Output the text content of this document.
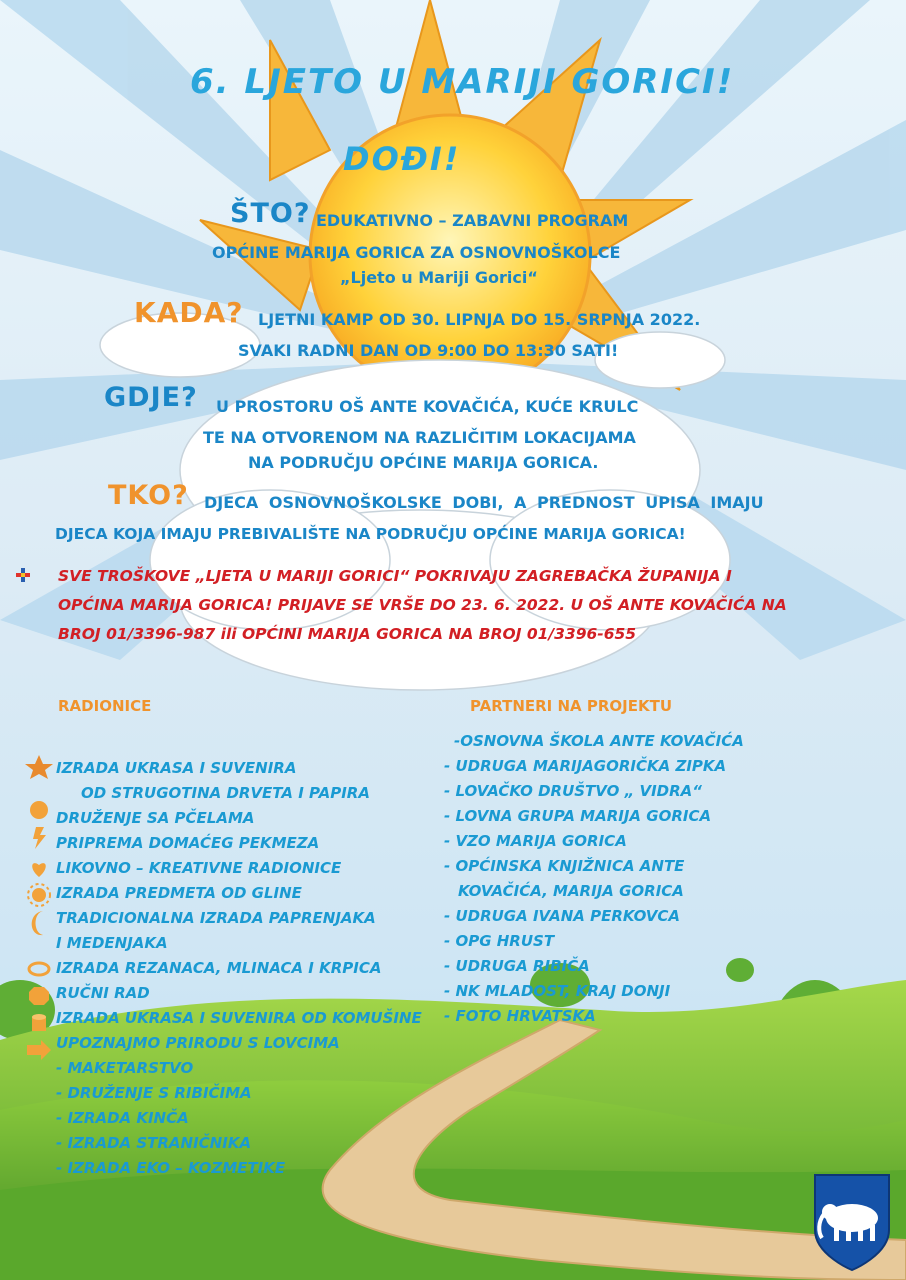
6. LJETO U MARIJI GORICI!
DOĐI!
ŠTO? EDUKATIVNO – ZABAVNI PROGRAM
OPĆINE MARIJA GORICA ZA OSNOVNOŠKOLCE
„Ljeto u Mariji Gorici“
KADA? LJETNI KAMP OD 30. LIPNJA DO 15. SRPNJA 2022.
SVAKI RADNI DAN OD 9:00 DO 13:30 SATI!
GDJE? U PROSTORU OŠ ANTE KOVAČIĆA, KUĆE KRULC
TE NA OTVORENOM NA RAZLIČITIM LOKACIJAMA
NA PODRUČJU OPĆINE MARIJA GORICA.
TKO? DJECA OSNOVNOŠKOLSKE DOBI, A PREDNOST UPISA IMAJU
DJECA KOJA IMAJU PREBIVALIŠTE NA PODRUČJU OPĆINE MARIJA GORICA!
SVE TROŠKOVE „LJETA U MARIJI GORICI“ POKRIVAJU ZAGREBAČKA ŽUPANIJA I
OPĆINA MARIJA GORICA! PRIJAVE SE VRŠE DO 23. 6. 2022. U OŠ ANTE KOVAČIĆA NA
BROJ 01/3396-987 ili OPĆINI MARIJA GORICA NA BROJ 01/3396-655
RADIONICE	PARTNERI NA PROJEKTU
IZRADA UKRASA I SUVENIRA
OD STRUGOTINA DRVETA I PAPIRA
DRUŽENJE SA PČELAMA
PRIPREMA DOMAĆEG PEKMEZA
LIKOVNO – KREATIVNE RADIONICE
IZRADA PREDMETA OD GLINE
TRADICIONALNA IZRADA PAPRENJAKA
I MEDENJAKA
IZRADA REZANACA, MLINACA I KRPICA
RUČNI RAD
IZRADA UKRASA I SUVENIRA OD KOMUŠINE
UPOZNAJMO PRIRODU S LOVCIMA
- MAKETARSTVO
- DRUŽENJE S RIBIČIMA
- IZRADA KINČA
- IZRADA STRANIČNIKA
- IZRADA EKO – KOZMETIKE
-OSNOVNA ŠKOLA ANTE KOVAČIĆA
- UDRUGA MARIJAGORIČKA ZIPKA
- LOVAČKO DRUŠTVO „ VIDRA“
- LOVNA GRUPA MARIJA GORICA
- VZO MARIJA GORICA
- OPĆINSKA KNJIŽNICA ANTE
KOVAČIĆA, MARIJA GORICA
- UDRUGA IVANA PERKOVCA
- OPG HRUST
- UDRUGA RIBIČA
- NK MLADOST, KRAJ DONJI
- FOTO HRVATSKA
